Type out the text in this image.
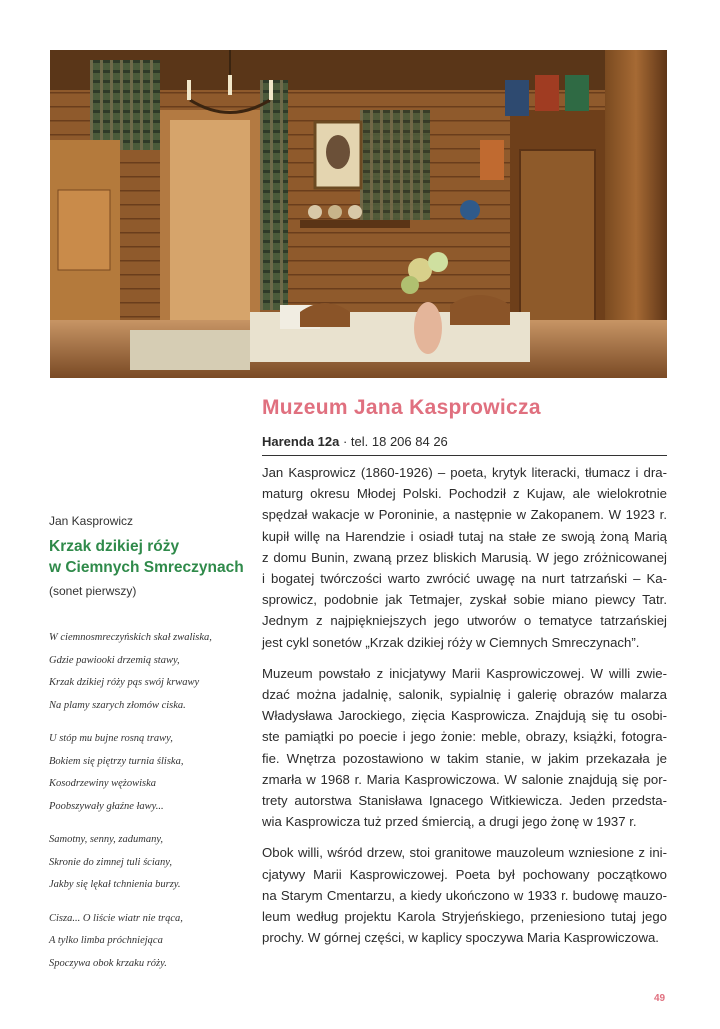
Muzeum Jana Kasprowicza
Harenda 12a · tel. 18 206 84 26

Jan Kasprowicz (1860-1926) – poeta, krytyk literacki, tłumacz i dra-
maturg okresu Młodej Polski. Pochodził z Kujaw, ale wielokrotnie
spędzał wakacje w Poroninie, a następnie w Zakopanem. W 1923 r.
kupił willę na Harendzie i osiadł tutaj na stałe ze swoją żoną Marią
z domu Bunin, zwaną przez bliskich Marusią. W jego zróżnicowanej
i bogatej twórczości warto zwrócić uwagę na nurt tatrzański – Ka-
sprowicz, podobnie jak Tetmajer, zyskał sobie miano piewcy Tatr.
Jednym z najpiękniejszych jego utworów o tematyce tatrzańskiej
jest cykl sonetów „Krzak dzikiej róży w Ciemnych Smreczynach”.

Muzeum powstało z inicjatywy Marii Kasprowiczowej. W willi zwie-
dzać można jadalnię, salonik, sypialnię i galerię obrazów malarza
Władysława Jarockiego, zięcia Kasprowicza. Znajdują się tu osobi-
ste pamiątki po poecie i jego żonie: meble, obrazy, książki, fotogra-
fie. Wnętrza pozostawiono w takim stanie, w jakim przekazała je
zmarła w 1968 r. Maria Kasprowiczowa. W salonie znajdują się por-
trety autorstwa Stanisława Ignacego Witkiewicza. Jeden przedsta-
wia Kasprowicza tuż przed śmiercią, a drugi jego żonę w 1937 r.

Obok willi, wśród drzew, stoi granitowe mauzoleum wzniesione z ini-
cjatywy Marii Kasprowiczowej. Poeta był pochowany początkowo
na Starym Cmentarzu, a kiedy ukończono w 1933 r. budowę mauzo-
leum według projektu Karola Stryjeńskiego, przeniesiono tutaj jego
prochy. W górnej części, w kaplicy spoczywa Maria Kasprowiczowa.

Jan Kasprowicz
Krzak dzikiej róży
w Ciemnych Smreczynach
(sonet pierwszy)
W ciemnosmreczyńskich skał zwaliska,
Gdzie pawiooki drzemią stawy,
Krzak dzikiej róży pąs swój krwawy
Na plamy szarych złomów ciska.
U stóp mu bujne rosną trawy,
Bokiem się piętrzy turnia śliska,
Kosodrzewiny wężowiska
Poobszywały głaźne ławy...
Samotny, senny, zadumany,
Skronie do zimnej tuli ściany,
Jakby się lękał tchnienia burzy.
Cisza... O liście wiatr nie trąca,
A tylko limba próchniejąca
Spoczywa obok krzaku róży.
49
